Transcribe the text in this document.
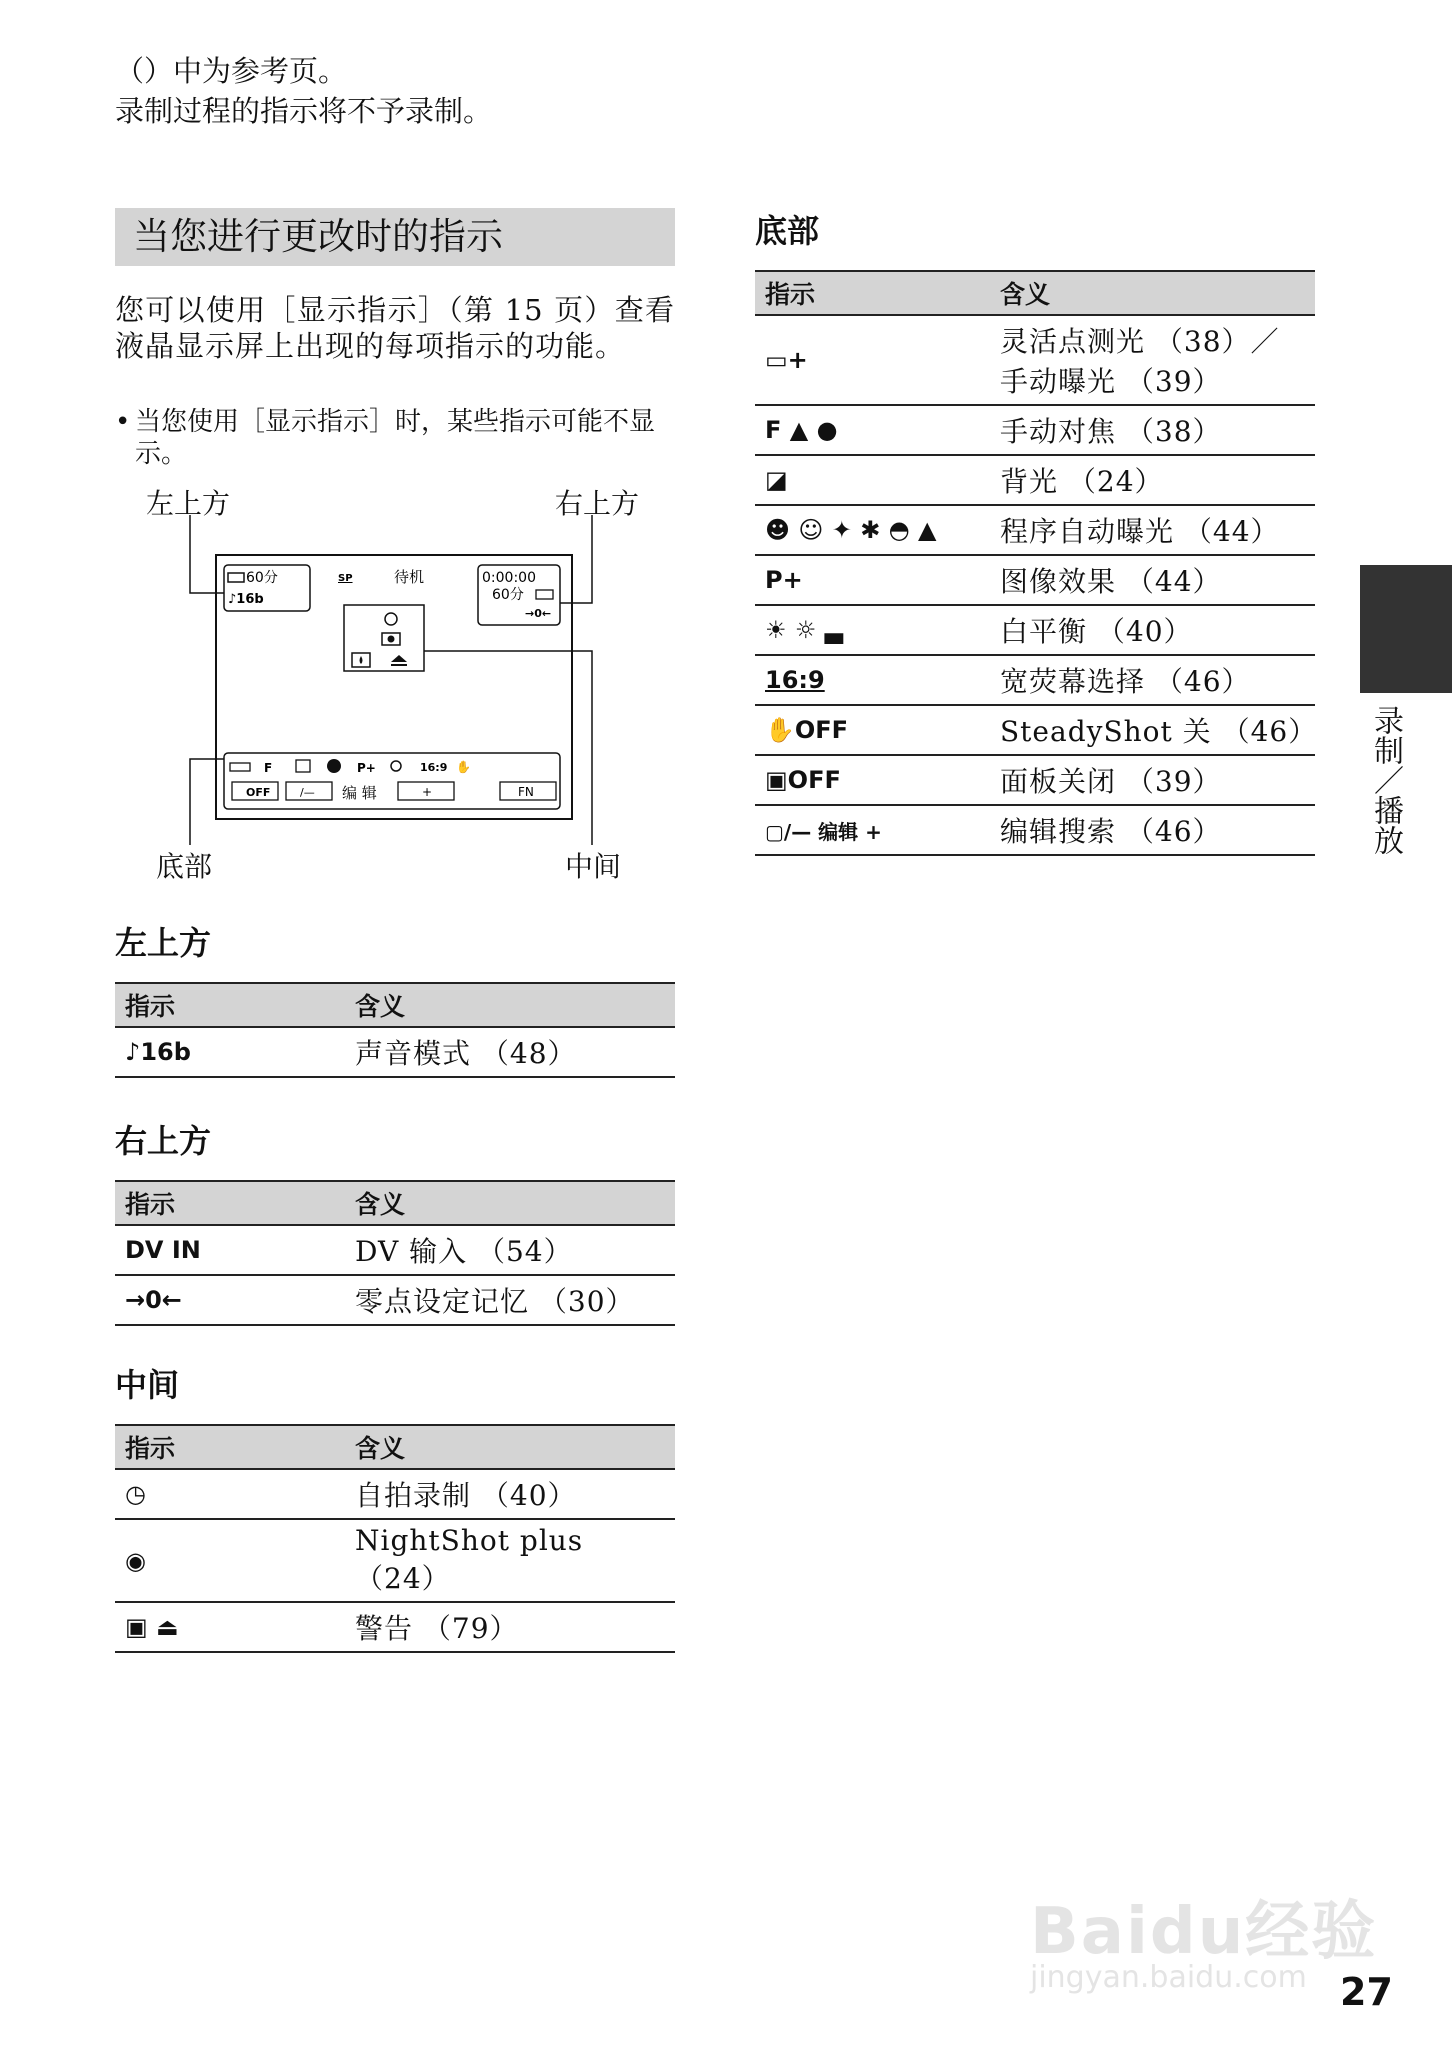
（）中为参考页。
录制过程的指示将不予录制。
当您进行更改时的指示
您可以使用［显示指示］（第 15 页）查看液晶显示屏上出现的每项指示的功能。
• 当您使用［显示指示］时，某些指示可能不显示。
左上方	右上方
底部	中间
60分
♪16b
SP	待机	0:00:00
60分
→0←
F	P+	16:9 ✋
OFF	/— 编 辑	+	FN
左上方
指示	含义
♪16b	声音模式 （48）
右上方
指示	含义
DV IN	DV 输入 （54）
→0←	零点设定记忆 （30）
中间
指示	含义
◷	自拍录制 （40）
◉	NightShot plus （24）
▣ ⏏	警告 （79）
底部
指示	含义
▭+	灵活点测光 （38）／ 手动曝光 （39）
F ▲ ●	手动对焦 （38）
◪	背光 （24）
☻ ☺ ✦ ✱ ◓ ▲	程序自动曝光 （44）
P+	图像效果 （44）
☀ ☼ ▃	白平衡 （40）
16:9	宽荧幕选择 （46）
✋OFF	SteadyShot 关 （46）
▣OFF	面板关闭 （39）
▢/— 编辑 +	编辑搜索 （46）	录制／播放
Baidu经验
jingyan.baidu.com 27
